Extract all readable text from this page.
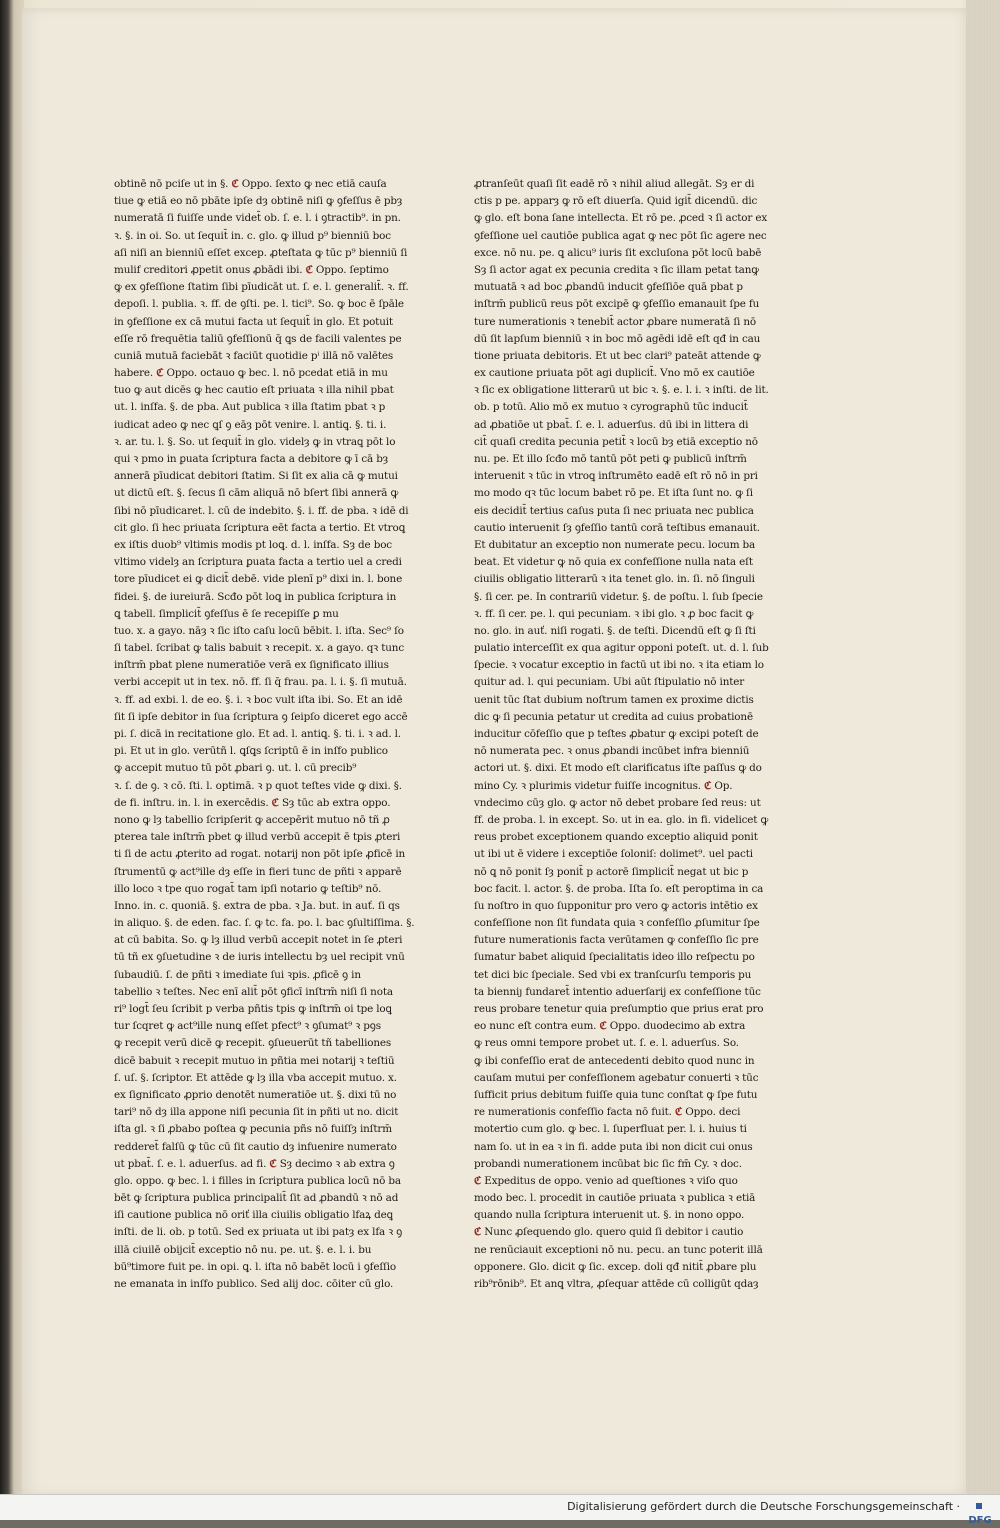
obtinē nō pciſe ut in §. ℭ Oppo. ſexto ꝙ nec etiā cauſa
tiue ꝙ etiā eo nō pbāte ipſe dȝ obtinē niſi ꝙ ꝯfeſſus ē pbȝ
numeratā ſi fuiſſe unde videt̄ ob. ſ. e. l. i ꝯtractib⁹. in pn.
ꝛ. §. in oi. So. ut ſequit̄ in. c. glo. ꝙ illud p⁹ bienniū boc
aſi niſi an bienniū eſſet excep. ꝓteſtata ꝙ tūc p⁹ bienniū ſi
mulif creditori ꝓpetit onus ꝓbādi ibi. ℭ Oppo. ſeptimo
ꝙ ex ꝯfeſſione ſtatim ſibi pīudicāt ut. ſ. e. l. generalit̄. ꝛ. ff.
depoſi. l. publia. ꝛ. ff. de ꝯſti. pe. l. tici⁹. So. ꝙ boc ē ſpāle
in ꝯfeſſione ex cā mutui facta ut ſequit̄ in glo. Et potuit
eſſe rō frequētia taliū ꝯfeſſionū q̄ ꝗs de facili valentes pe
cuniā mutuā faciebāt ꝛ faciūt quotidie pⁱ illā nō valētes
habere. ℭ Oppo. octauo ꝙ bec. l. nō pcedat etiā in mu
tuo ꝙ aut dicēs ꝙ hec cautio eſt priuata ꝛ illa nihil pbat
ut. l. inſfa. §. de pba. Aut publica ꝛ illa ſtatim pbat ꝛ p
iudicat adeo ꝙ nec ꝗſ ꝯ eāȝ pōt venire. l. antiꝗ. §. ti. i.
ꝛ. ar. tu. l. §. So. ut ſequit̄ in glo. videlȝ ꝙ in vtraꝗ pōt lo
qui ꝛ pmo in ꝑuata ſcriptura facta a debitore ꝙ ī cā bȝ
annerā pīudicat debitori ſtatim. Si ſit ex alia cā ꝙ mutui
ut dictū eſt. §. ſecus ſi cām aliquā nō bſert ſibi annerā ꝙ
ſibi nō pīudicaret. l. cū de indebito. §. i. ff. de pba. ꝛ idē di
cit glo. ſi hec priuata ſcriptura eēt facta a tertio. Et vtroꝗ
ex iſtis duob⁹ vltimis modis pt loꝗ. d. l. inſfa. Sȝ de boc
vltimo videlȝ an ſcriptura ꝑuata facta a tertio uel a credi
tore pīudicet ei ꝙ dicit̄ debē. vide plenī p⁹ dixi in. l. bone
fidei. §. de iureiurā. Scđo pōt loꝗ in publica ſcriptura in
ꝗ tabell. ſimplicit̄ ꝯfeſſus ē ſe recepiſſe ꝑ mu
tuo. x. a gayo. nāȝ ꝛ ſic iſto caſu locū bēbit. l. iſta. Sec⁹ ſo
ſi tabel. ſcribat ꝙ talis babuit ꝛ recepit. x. a gayo. qꝛ tunc
inſtrm̄ pbat plene numeratiōe verā ex ſignificato illius
verbi accepit ut in tex. nō. ff. ſi q̄ frau. pa. l. i. §. ſi mutuā.
ꝛ. ff. ad exbi. l. de eo. §. i. ꝛ boc vult iſta ibi. So. Et an idē
ſit ſi ipſe debitor in ſua ſcriptura ꝯ ſeipſo diceret ego accē
pi. ſ. dicā in recitatione glo. Et ad. l. antiꝗ. §. ti. i. ꝛ ad. l.
pi. Et ut in glo. verūtñ l. ꝗſꝗs ſcriptū ē in inſfo publico
ꝙ accepit mutuo tū pōt ꝓbari ꝯ. ut. l. cū precib⁹
ꝛ. ſ. de ꝯ. ꝛ cō. ſti. l. optimā. ꝛ p quot teſtes vide ꝙ dixi. §.
de fi. inſtru. in. l. in exercēdis. ℭ Sȝ tūc ab extra oppo.
nono ꝙ lȝ tabellio ſcripſerit ꝙ accepērit mutuo nō tñ ꝓ
pterea tale inſtrm̄ pbet ꝙ illud verbū accepit ē tpis ꝓteri
ti ſi de actu ꝓterito ad rogat. notarij non pōt ipſe ꝓficē in
ſtrumentū ꝙ act⁹ille dȝ eſſe in fieri tunc de pñti ꝛ apparē
illo loco ꝛ tpe quo rogat̄ tam ipſi notario ꝙ teſtib⁹ nō.
Inno. in. c. quoniā. §. extra de pba. ꝛ Ja. but. in auť. ſi qs
in aliquo. §. de eden. fac. ſ. ꝙ tc. fa. po. l. bac ꝯſultiſſima. §.
at cū babita. So. ꝙ lȝ illud verbū accepit notet in ſe ꝓteri
tū tñ ex ꝯſuetudine ꝛ de iuris intellectu bȝ uel recipit vnū
ſubaudiū. ſ. de pñti ꝛ imediate ſui ꝛpis. ꝓficē ꝯ in
tabellio ꝛ teſtes. Nec enī alit̄ pōt ꝯficī inſtrm̄ niſi ſi nota
ri⁹ logt̄ ſeu ſcribit p verba pñtis tpis ꝙ inſtrm̄ oi tpe loꝗ
tur ſcqret ꝙ act⁹ille nunꝗ eſſet pfect⁹ ꝛ ꝯſumat⁹ ꝛ pꝯs
ꝙ recepit verū dicē ꝙ recepit. ꝯſueuerūt tñ tabelliones
dicē babuit ꝛ recepit mutuo in pñtia mei notarij ꝛ teſtiū
ſ. uſ. §. ſcriptor. Et attēde ꝙ lȝ illa vba accepit mutuo. x.
ex ſignificato ꝓprio denotēt numeratiōe ut. §. dixi tū no
tari⁹ nō dȝ illa appone niſi pecunia ſit in pñti ut no. dicit
iſta gl. ꝛ ſi ꝓbabo poſtea ꝙ pecunia pñs nō fuiſſȝ inſtrm̄
redderet̄ falſū ꝙ tūc cū ſit cautio dȝ infuenire numerato
ut pbat̄. ſ. e. l. aduerſus. ad fi. ℭ Sȝ decimo ꝛ ab extra ꝯ
glo. oppo. ꝙ bec. l. i filles in ſcriptura publica locū nō ba
bēt ꝙ ſcriptura publica principalit̄ ſit ad ꝓbandū ꝛ nō ad
iſi cautione publica nō oriť illa ciuilis obligatio lfaꝝ deꝗ
inſti. de li. ob. p totū. Sed ex priuata ut ibi patȝ ex lfa ꝛ ꝯ
illā ciuilē obijcit̄ exceptio nō nu. pe. ut. §. e. l. i. bu
bū⁹timore fuit pe. in opi. ꝗ. l. iſta nō babēt locū i ꝯfeſſio
ne emanata in inſfo publico. Sed alij doc. cōiter cū glo.
ꝓtranſeūt quaſi ſit eadē rō ꝛ nihil aliud allegāt. Sȝ er di
ctis p pe. apparȝ ꝙ rō eſt diuerſa. Quid igit̄ dicendū. dic
ꝙ glo. eſt bona ſane intellecta. Et rō pe. ꝓced ꝛ ſi actor ex
ꝯfeſſione uel cautiōe publica agat ꝙ nec pōt ſic agere nec
exce. nō nu. pe. ꝗ alicu⁹ iuris ſit excluſona pōt locū babē
Sȝ ſi actor agat ex pecunia credita ꝛ ſic illam petat tanꝙ
mutuatā ꝛ ad boc ꝓbandū inducit ꝯfeſſiōe quā pbat p
inſtrm̄ publicū reus pōt excipē ꝙ ꝯfeſſio emanauit ſpe fu
ture numerationis ꝛ tenebit̄ actor ꝓbare numeratā ſi nō
dū ſit lapſum bienniū ꝛ in boc mō agēdi idē eſt qđ in cau
tione priuata debitoris. Et ut bec clari⁹ pateāt attende ꝙ
ex cautione priuata pōt agi duplicit̄. Vno mō ex cautiōe
ꝛ ſic ex obligatione litterarū ut bic ꝛ. §. e. l. i. ꝛ inſti. de lit.
ob. p totū. Alio mō ex mutuo ꝛ cyrographū tūc inducit̄
ad ꝓbatiōe ut pbat̄. ſ. e. l. aduerſus. dū ibi in littera di
cit̄ quaſi credita pecunia petit̄ ꝛ locū bȝ etiā exceptio nō
nu. pe. Et illo ſcđo mō tantū pōt peti ꝙ publicū inſtrm̄
interuenit ꝛ tūc in vtroꝗ inſtrumēto eadē eſt rō nō in pri
mo modo qꝛ tūc locum babet rō pe. Et iſta ſunt no. ꝙ ſi
eis decidit̄ tertius caſus puta ſi nec priuata nec publica
cautio interuenit ſȝ ꝯfeſſio tantū corā teſtibus emanauit.
Et dubitatur an exceptio non numerate pecu. locum ba
beat. Et videtur ꝙ nō quia ex confeſſione nulla nata eſt
ciuilis obligatio litterarū ꝛ ita tenet glo. in. ſi. nō ſinguli
§. ſi cer. pe. In contrariū videtur. §. de poſtu. l. ſub ſpecie
ꝛ. ff. ſi cer. pe. l. qui pecuniam. ꝛ ibi glo. ꝛ ꝓ boc facit ꝙ
no. glo. in auť. niſi rogati. §. de teſti. Dicendū eſt ꝙ ſi ſti
pulatio interceſſit ex qua agitur opponi poteſt. ut. d. l. ſub
ſpecie. ꝛ vocatur exceptio in factū ut ibi no. ꝛ ita etiam lo
quitur ad. l. qui pecuniam. Ubi aūt ſtipulatio nō inter
uenit tūc ſtat dubium noſtrum tamen ex proxime dictis
dic ꝙ ſi pecunia petatur ut credita ad cuius probationē
inducitur cōfeſſio que p teſtes ꝓbatur ꝙ excipi poteſt de
nō numerata pec. ꝛ onus ꝓbandi incūbet infra bienniū
actori ut. §. dixi. Et modo eſt clarificatus iſte paſſus ꝙ do
mino Cy. ꝛ plurimis videtur fuiſſe incognitus. ℭ Op.
vndecimo cūȝ glo. ꝙ actor nō debet probare ſed reus: ut
ff. de proba. l. in except. So. ut in ea. glo. in fi. videlicet ꝙ
reus probet exceptionem quando exceptio aliquid ponit
ut ibi ut ē videre i exceptiōe ſoloniſ: dolimet⁹. uel pacti
nō ꝗ nō ponit ſȝ ponit̄ p actorē ſimplicit̄ negat ut bic p
boc facit. l. actor. §. de proba. Iſta ſo. eſt peroptima in ca
ſu noſtro in quo ſupponitur pro vero ꝙ actoris intētio ex
confeſſione non ſit fundata quia ꝛ confeſſio ꝓſumitur ſpe
future numerationis facta verūtamen ꝙ confeſſio ſic pre
ſumatur babet aliquid ſpecialitatis ideo illo reſpectu po
tet dici bic ſpeciale. Sed vbi ex tranſcurſu temporis pu
ta bienniȷ fundaret̄ intentio aduerſarij ex confeſſione tūc
reus probare tenetur quia preſumptio que prius erat pro
eo nunc eſt contra eum. ℭ Oppo. duodecimo ab extra
ꝙ reus omni tempore probet ut. ſ. e. l. aduerſus. So.
ꝙ ibi confeſſio erat de antecedenti debito quod nunc in
cauſam mutui per confeſſionem agebatur conuerti ꝛ tūc
ſufficit prius debitum fuiſſe quia tunc conſtat ꝙ ſpe futu
re numerationis confeſſio facta nō fuit. ℭ Oppo. deci
motertio cum glo. ꝙ bec. l. ſuperfluat per. l. i. huius ti
nam ſo. ut in ea ꝛ in fi. adde puta ibi non dicit cui onus
probandi numerationem incūbat bic ſic fm̄ Cy. ꝛ doc.
ℭ Expeditus de oppo. venio ad queſtiones ꝛ viſo quo
modo bec. l. procedit in cautiōe priuata ꝛ publica ꝛ etiā
quando nulla ſcriptura interuenit ut. §. in nono oppo.
ℭ Nunc ꝓſequendo glo. quero quid ſi debitor i cautio
ne renūciauit exceptioni nō nu. pecu. an tunc poterit illā
opponere. Glo. dicit ꝙ ſic. excep. doli qđ nitit̄ ꝓbare plu
rib⁹rōnib⁹. Et anꝗ vltra, ꝓſequar attēde cū colligūt qdaȝ
Digitalisierung gefördert durch die Deutsche Forschungsgemeinschaft ·
DFG
